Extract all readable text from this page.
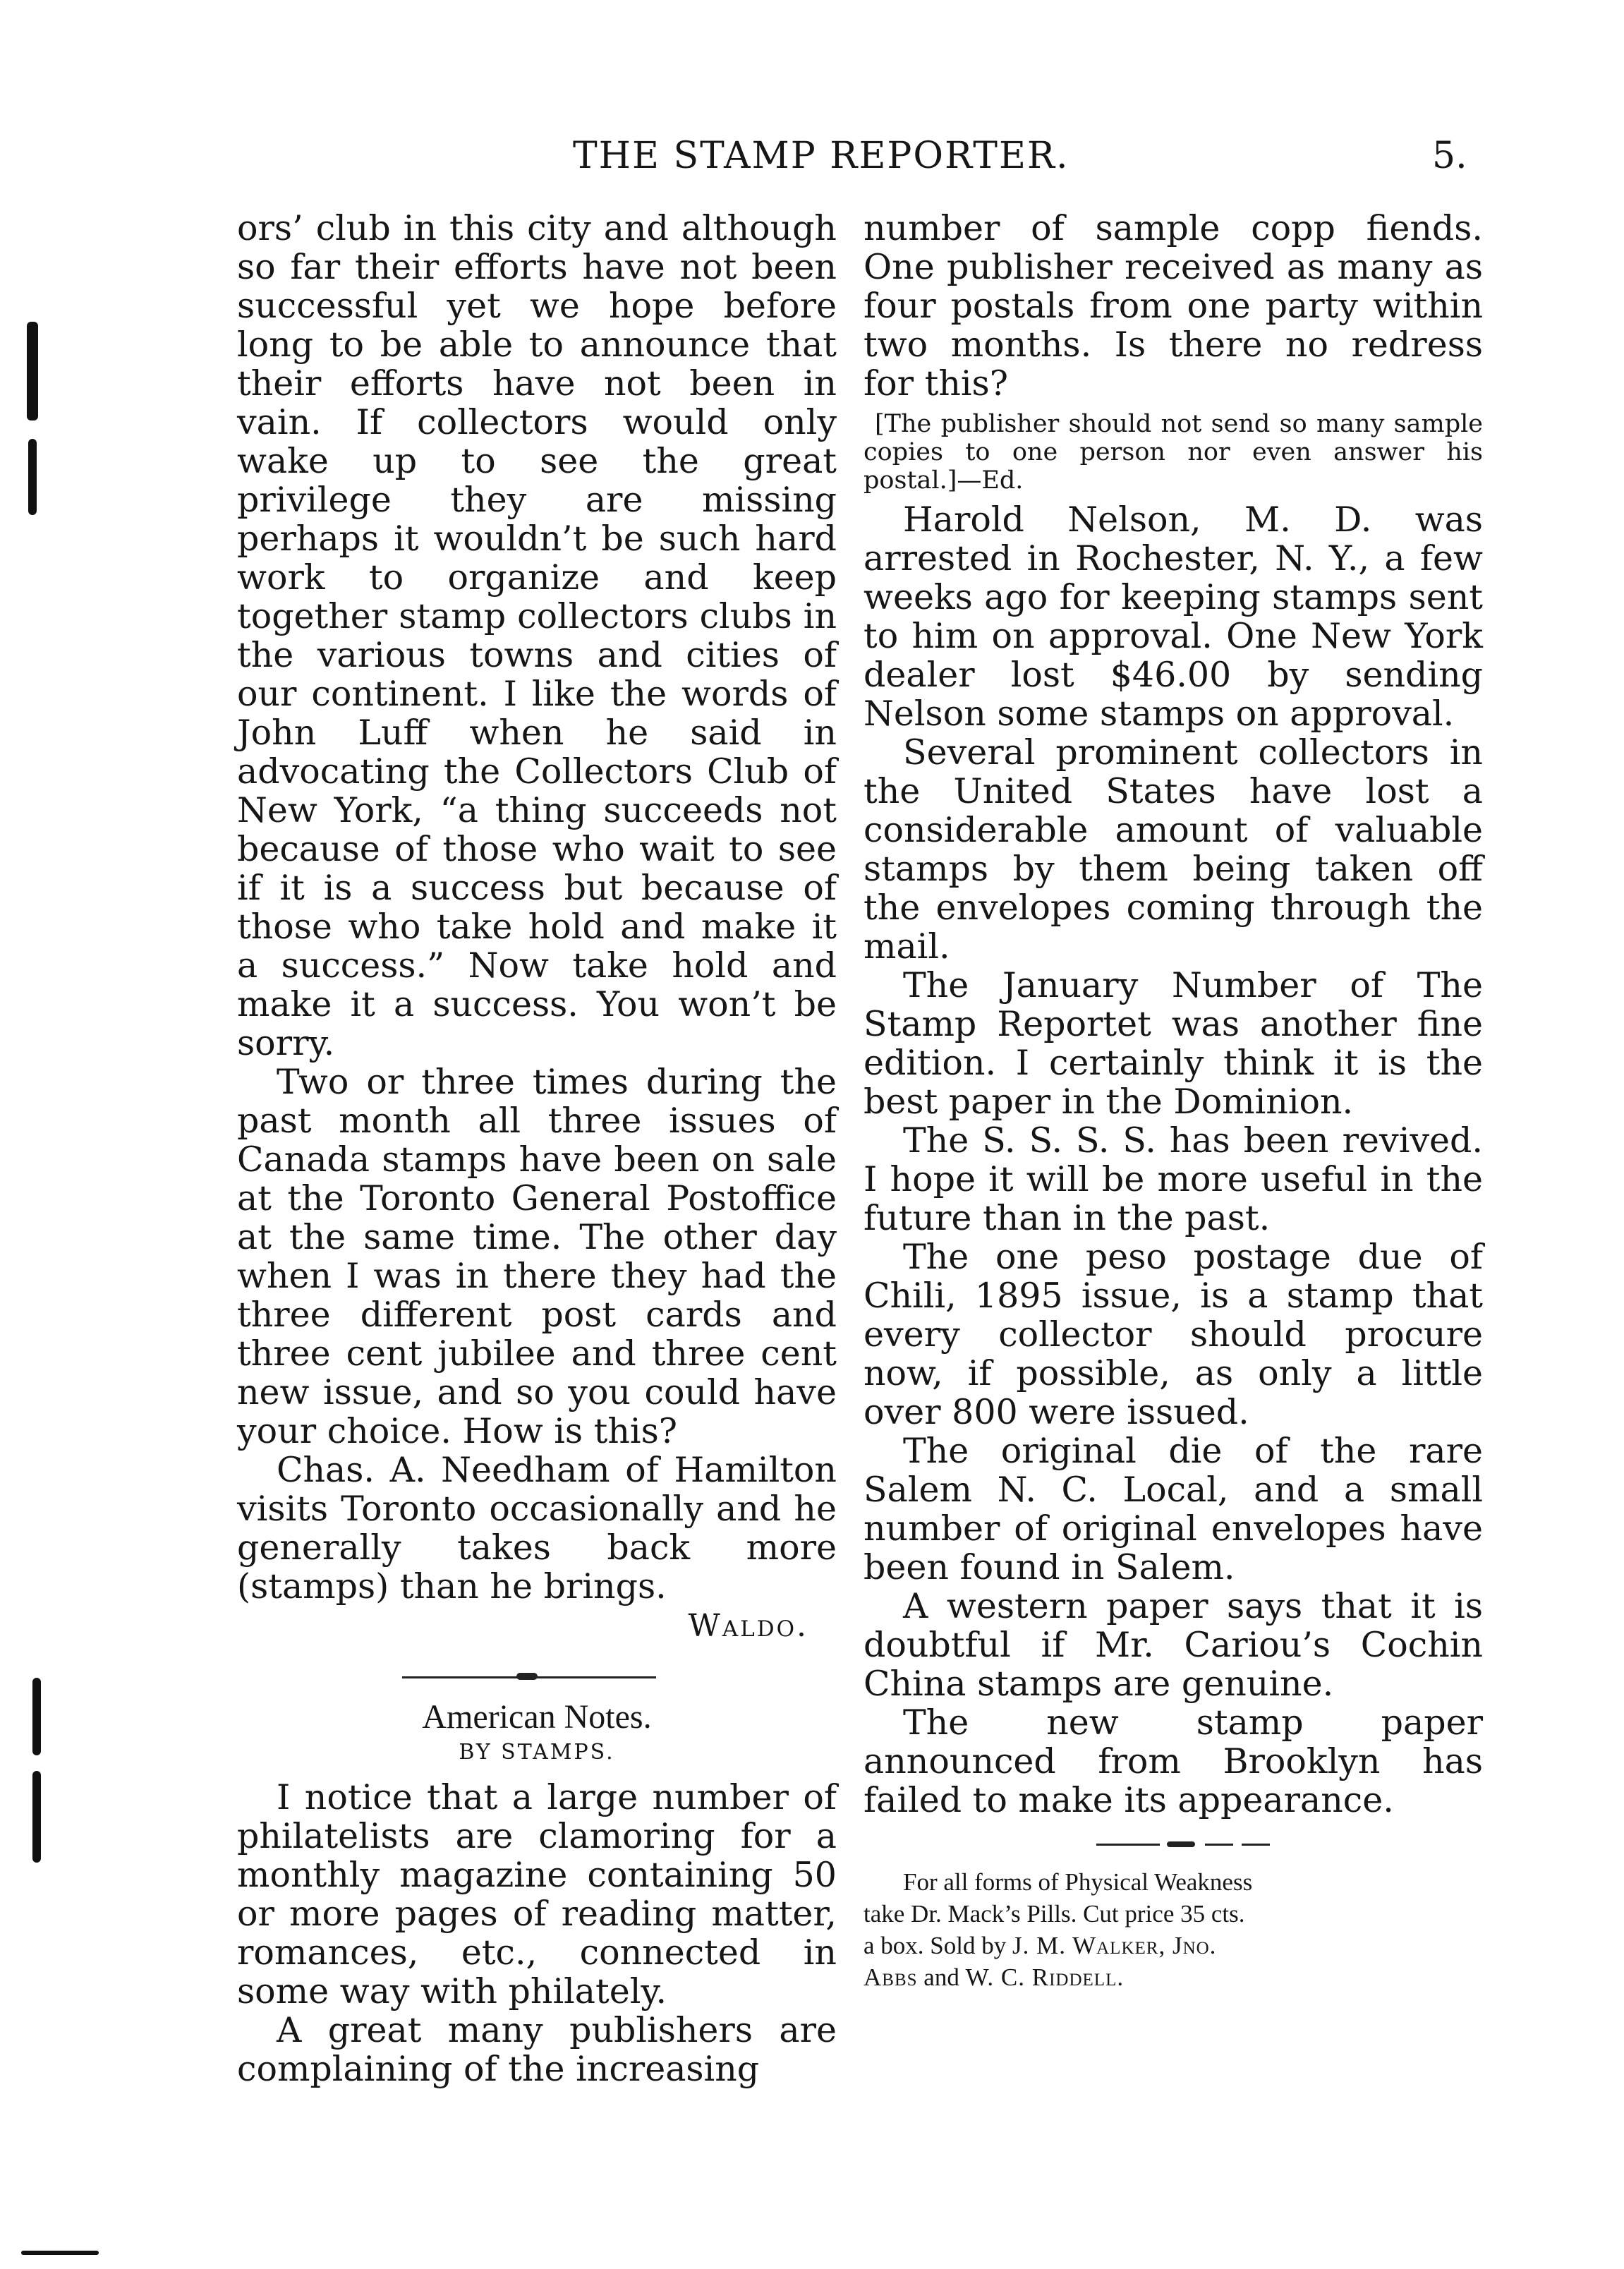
THE STAMP REPORTER.	5.

ors’ club in this city and although so far their efforts have not been successful yet we hope before long to be able to announce that their efforts have not been in vain. If collectors would only wake up to see the great privilege they are missing perhaps it wouldn’t be such hard work to organize and keep together stamp collectors clubs in the various towns and cities of our continent. I like the words of John Luff when he said in advocating the Collectors Club of New York, “a thing succeeds not because of those who wait to see if it is a success but because of those who take hold and make it a success.” Now take hold and make it a success. You won’t be sorry.

Two or three times during the past month all three issues of Canada stamps have been on sale at the Toronto General Postoffice at the same time. The other day when I was in there they had the three different post cards and three cent jubilee and three cent new issue, and so you could have your choice. How is this?

Chas. A. Needham of Hamilton visits Toronto occasionally and he generally takes back more (stamps) than he brings.

Waldo.
American Notes.
BY STAMPS.

I notice that a large number of philatelists are clamoring for a monthly magazine containing 50 or more pages of reading matter, romances, etc., connected in some way with philately.

A great many publishers are complaining of the increasing

number of sample copp fiends. One publisher received as many as four postals from one party within two months. Is there no redress for this?

[The publisher should not send so many sample copies to one person nor even answer his postal.]—Ed.

Harold Nelson, M. D. was arrested in Rochester, N. Y., a few weeks ago for keeping stamps sent to him on approval. One New York dealer lost $46.00 by sending Nelson some stamps on approval.

Several prominent collectors in the United States have lost a considerable amount of valuable stamps by them being taken off the envelopes coming through the mail.

The January Number of The Stamp Reportet was another fine edition. I certainly think it is the best paper in the Dominion.

The S. S. S. S. has been revived. I hope it will be more useful in the future than in the past.

The one peso postage due of Chili, 1895 issue, is a stamp that every collector should procure now, if possible, as only a little over 800 were issued.

The original die of the rare Salem N. C. Local, and a small number of original envelopes have been found in Salem.

A western paper says that it is doubtful if Mr. Cariou’s Cochin China stamps are genuine.

The new stamp paper announced from Brooklyn has failed to make its appearance.

For all forms of Physical Weakness

take Dr. Mack’s Pills. Cut price 35 cts.

a box. Sold by J. M. Walker, Jno.

Abbs and W. C. Riddell.
